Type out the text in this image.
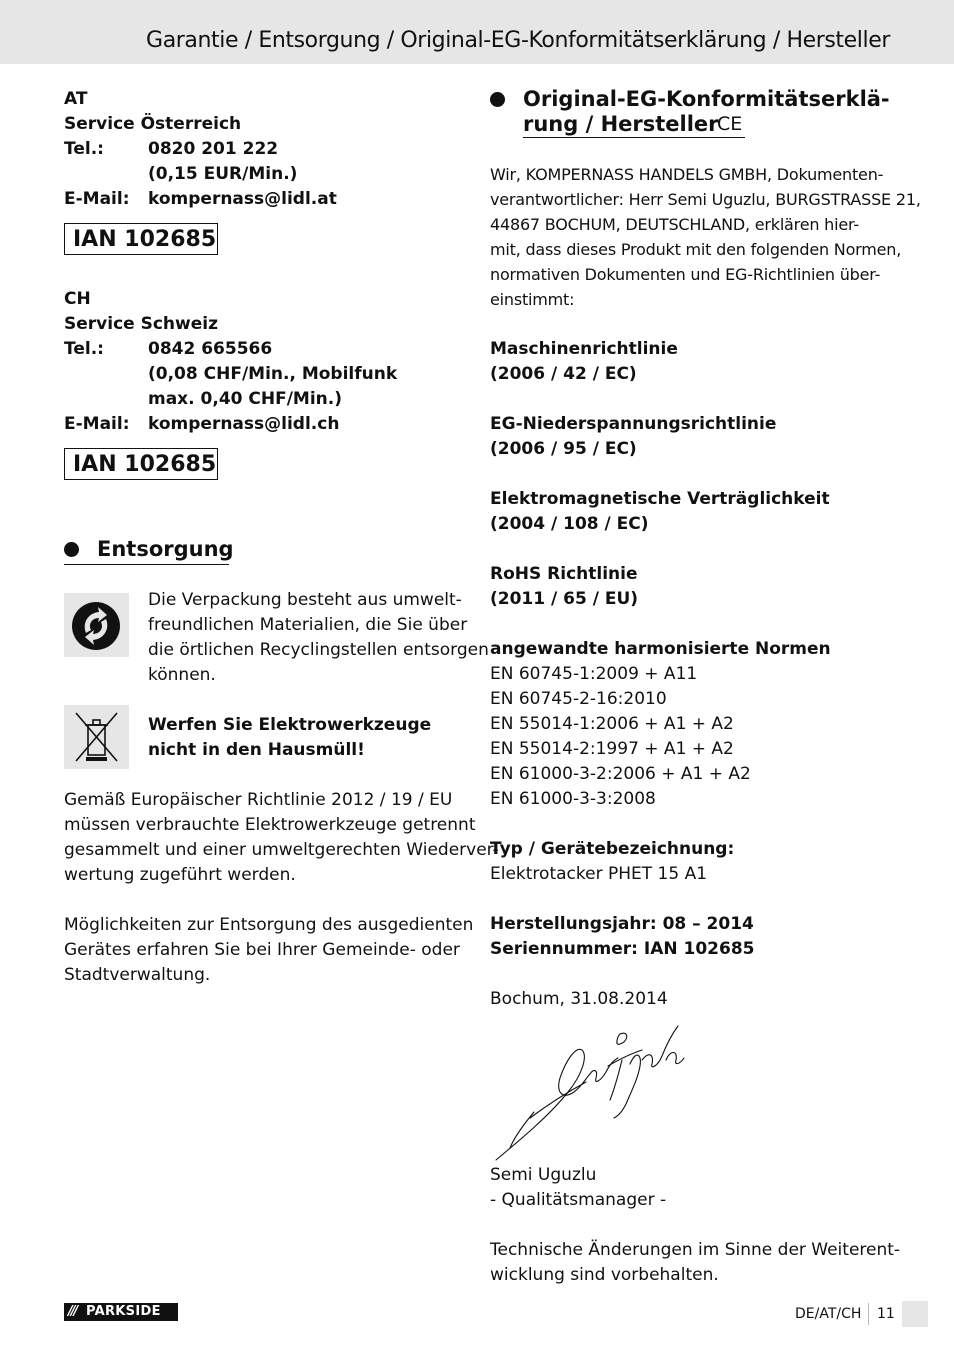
Garantie / Entsorgung / Original-EG-Konformitätserklärung / Hersteller
AT
Service Österreich
Tel.:	0820 201 222
(0,15 EUR/Min.)
E-Mail: kompernass@lidl.at
IAN 102685
CH
Service Schweiz
Tel.:	0842 665566
(0,08 CHF/Min., Mobilfunk
max. 0,40 CHF/Min.)
E-Mail: kompernass@lidl.ch
IAN 102685
Entsorgung
Die Verpackung besteht aus umwelt-
freundlichen Materialien, die Sie über
die örtlichen Recyclingstellen entsorgen
können.
Werfen Sie Elektrowerkzeuge
nicht in den Hausmüll!
Gemäß Europäischer Richtlinie 2012 / 19 / EU
müssen verbrauchte Elektrowerkzeuge getrennt
gesammelt und einer umweltgerechten Wiederver-
wertung zugeführt werden.
Möglichkeiten zur Entsorgung des ausgedienten
Gerätes erfahren Sie bei Ihrer Gemeinde- oder
Stadtverwaltung.
Original-EG-Konformitätserklä-
rung / Hersteller
CE
Wir, KOMPERNASS HANDELS GMBH, Dokumenten-
verantwortlicher: Herr Semi Uguzlu, BURGSTRASSE 21,
44867 BOCHUM, DEUTSCHLAND, erklären hier-
mit, dass dieses Produkt mit den folgenden Normen,
normativen Dokumenten und EG-Richtlinien über-
einstimmt:
Maschinenrichtlinie
(2006 / 42 / EC)
EG-Niederspannungsrichtlinie
(2006 / 95 / EC)
Elektromagnetische Verträglichkeit
(2004 / 108 / EC)
RoHS Richtlinie
(2011 / 65 / EU)
angewandte harmonisierte Normen
EN 60745-1:2009 + A11
EN 60745-2-16:2010
EN 55014-1:2006 + A1 + A2
EN 55014-2:1997 + A1 + A2
EN 61000-3-2:2006 + A1 + A2
EN 61000-3-3:2008
Typ / Gerätebezeichnung:
Elektrotacker PHET 15 A1
Herstellungsjahr: 08 – 2014
Seriennummer: IAN 102685
Bochum, 31.08.2014
Semi Uguzlu
- Qualitätsmanager -
Technische Änderungen im Sinne der Weiterent-
wicklung sind vorbehalten.
/// PARKSIDE	DE/AT/CH 11
